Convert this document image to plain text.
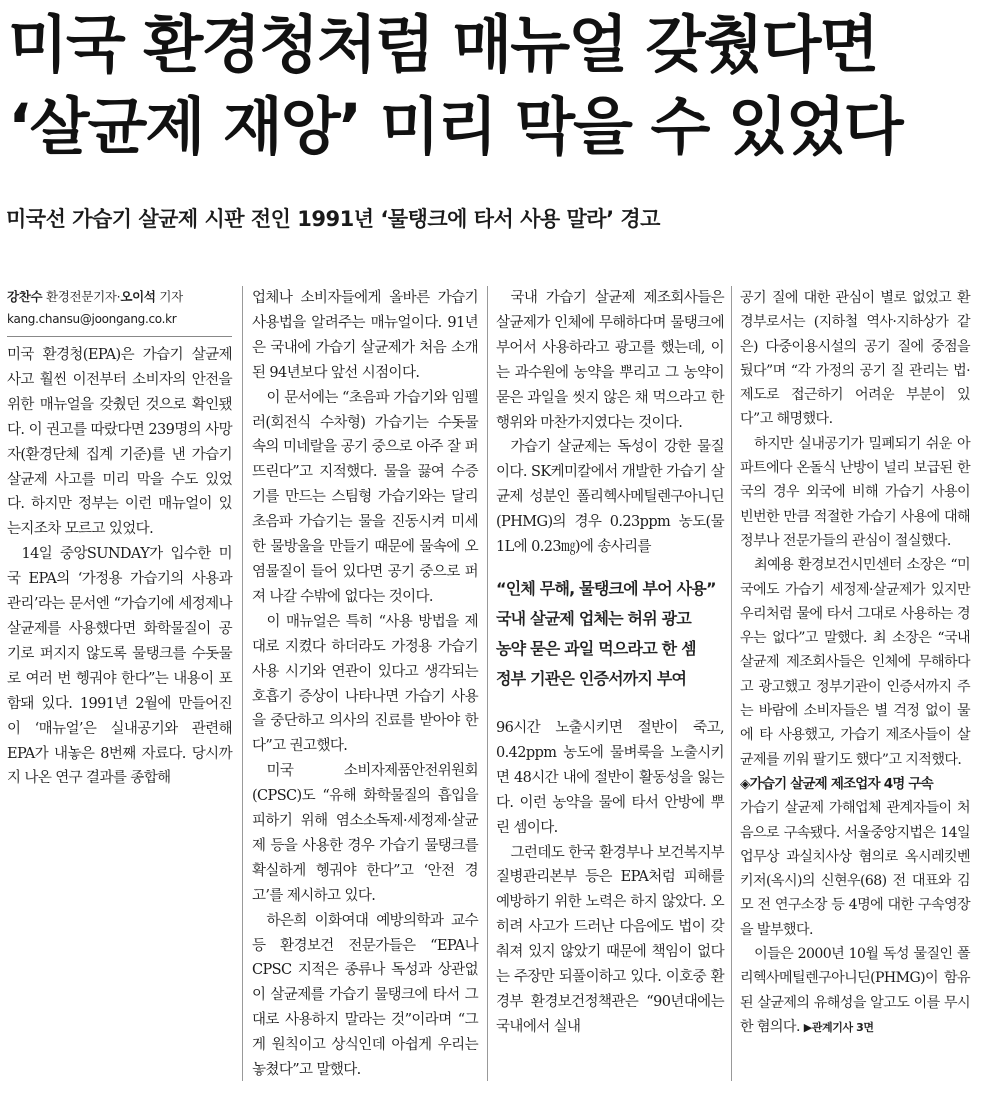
미국 환경청처럼 매뉴얼 갖췄다면
‘살균제 재앙’ 미리 막을 수 있었다
미국선 가습기 살균제 시판 전인 1991년 ‘물탱크에 타서 사용 말라’ 경고
강찬수 환경전문기자·오이석 기자
kang.chansu@joongang.co.kr

미국 환경청(EPA)은 가습기 살균제 사고 훨씬 이전부터 소비자의 안전을 위한 매뉴얼을 갖췄던 것으로 확인됐다. 이 권고를 따랐다면 239명의 사망자(환경단체 집계 기준)를 낸 가습기 살균제 사고를 미리 막을 수도 있었다. 하지만 정부는 이런 매뉴얼이 있는지조차 모르고 있었다.

14일 중앙SUNDAY가 입수한 미국 EPA의 ‘가정용 가습기의 사용과 관리’라는 문서엔 “가습기에 세정제나 살균제를 사용했다면 화학물질이 공기로 퍼지지 않도록 물탱크를 수돗물로 여러 번 헹궈야 한다”는 내용이 포함돼 있다. 1991년 2월에 만들어진 이 ‘매뉴얼’은 실내공기와 관련해 EPA가 내놓은 8번째 자료다. 당시까지 나온 연구 결과를 종합해

업체나 소비자들에게 올바른 가습기 사용법을 알려주는 매뉴얼이다. 91년은 국내에 가습기 살균제가 처음 소개된 94년보다 앞선 시점이다.

이 문서에는 “초음파 가습기와 임펠러(회전식 수차형) 가습기는 수돗물 속의 미네랄을 공기 중으로 아주 잘 퍼뜨린다”고 지적했다. 물을 끓여 수증기를 만드는 스팀형 가습기와는 달리 초음파 가습기는 물을 진동시켜 미세한 물방울을 만들기 때문에 물속에 오염물질이 들어 있다면 공기 중으로 퍼져 나갈 수밖에 없다는 것이다.

이 매뉴얼은 특히 “사용 방법을 제대로 지켰다 하더라도 가정용 가습기 사용 시기와 연관이 있다고 생각되는 호흡기 증상이 나타나면 가습기 사용을 중단하고 의사의 진료를 받아야 한다”고 권고했다.

미국 소비자제품안전위원회(CPSC)도 “유해 화학물질의 흡입을 피하기 위해 염소소독제·세정제·살균제 등을 사용한 경우 가습기 물탱크를 확실하게 헹궈야 한다”고 ‘안전 경고’를 제시하고 있다.

하은희 이화여대 예방의학과 교수 등 환경보건 전문가들은 “EPA나 CPSC 지적은 종류나 독성과 상관없이 살균제를 가습기 물탱크에 타서 그대로 사용하지 말라는 것”이라며 “그게 원칙이고 상식인데 아쉽게 우리는 놓쳤다”고 말했다.

국내 가습기 살균제 제조회사들은 살균제가 인체에 무해하다며 물탱크에 부어서 사용하라고 광고를 했는데, 이는 과수원에 농약을 뿌리고 그 농약이 묻은 과일을 씻지 않은 채 먹으라고 한 행위와 마찬가지였다는 것이다.

가습기 살균제는 독성이 강한 물질이다. SK케미칼에서 개발한 가습기 살균제 성분인 폴리헥사메틸렌구아니딘(PHMG)의 경우 0.23ppm 농도(물 1L에 0.23㎎)에 송사리를

“인체 무해, 물탱크에 부어 사용”
국내 살균제 업체는 허위 광고
농약 묻은 과일 먹으라고 한 셈
정부 기관은 인증서까지 부여

96시간 노출시키면 절반이 죽고, 0.42ppm 농도에 물벼룩을 노출시키면 48시간 내에 절반이 활동성을 잃는다. 이런 농약을 물에 타서 안방에 뿌린 셈이다.

그런데도 한국 환경부나 보건복지부 질병관리본부 등은 EPA처럼 피해를 예방하기 위한 노력은 하지 않았다. 오히려 사고가 드러난 다음에도 법이 갖춰져 있지 않았기 때문에 책임이 없다는 주장만 되풀이하고 있다. 이호중 환경부 환경보건정책관은 “90년대에는 국내에서 실내

공기 질에 대한 관심이 별로 없었고 환경부로서는 (지하철 역사·지하상가 같은) 다중이용시설의 공기 질에 중점을 뒀다”며 “각 가정의 공기 질 관리는 법·제도로 접근하기 어려운 부분이 있다”고 해명했다.

하지만 실내공기가 밀폐되기 쉬운 아파트에다 온돌식 난방이 널리 보급된 한국의 경우 외국에 비해 가습기 사용이 빈번한 만큼 적절한 가습기 사용에 대해 정부나 전문가들의 관심이 절실했다.

최예용 환경보건시민센터 소장은 “미국에도 가습기 세정제·살균제가 있지만 우리처럼 물에 타서 그대로 사용하는 경우는 없다”고 말했다. 최 소장은 “국내 살균제 제조회사들은 인체에 무해하다고 광고했고 정부기관이 인증서까지 주는 바람에 소비자들은 별 걱정 없이 물에 타 사용했고, 가습기 제조사들이 살균제를 끼워 팔기도 했다”고 지적했다.

◈가습기 살균제 제조업자 4명 구속

가습기 살균제 가해업체 관계자들이 처음으로 구속됐다. 서울중앙지법은 14일 업무상 과실치사상 혐의로 옥시레킷벤키저(옥시)의 신현우(68) 전 대표와 김모 전 연구소장 등 4명에 대한 구속영장을 발부했다.

이들은 2000년 10월 독성 물질인 폴리헥사메틸렌구아니딘(PHMG)이 함유된 살균제의 유해성을 알고도 이를 무시한 혐의다. ▶관계기사 3면
